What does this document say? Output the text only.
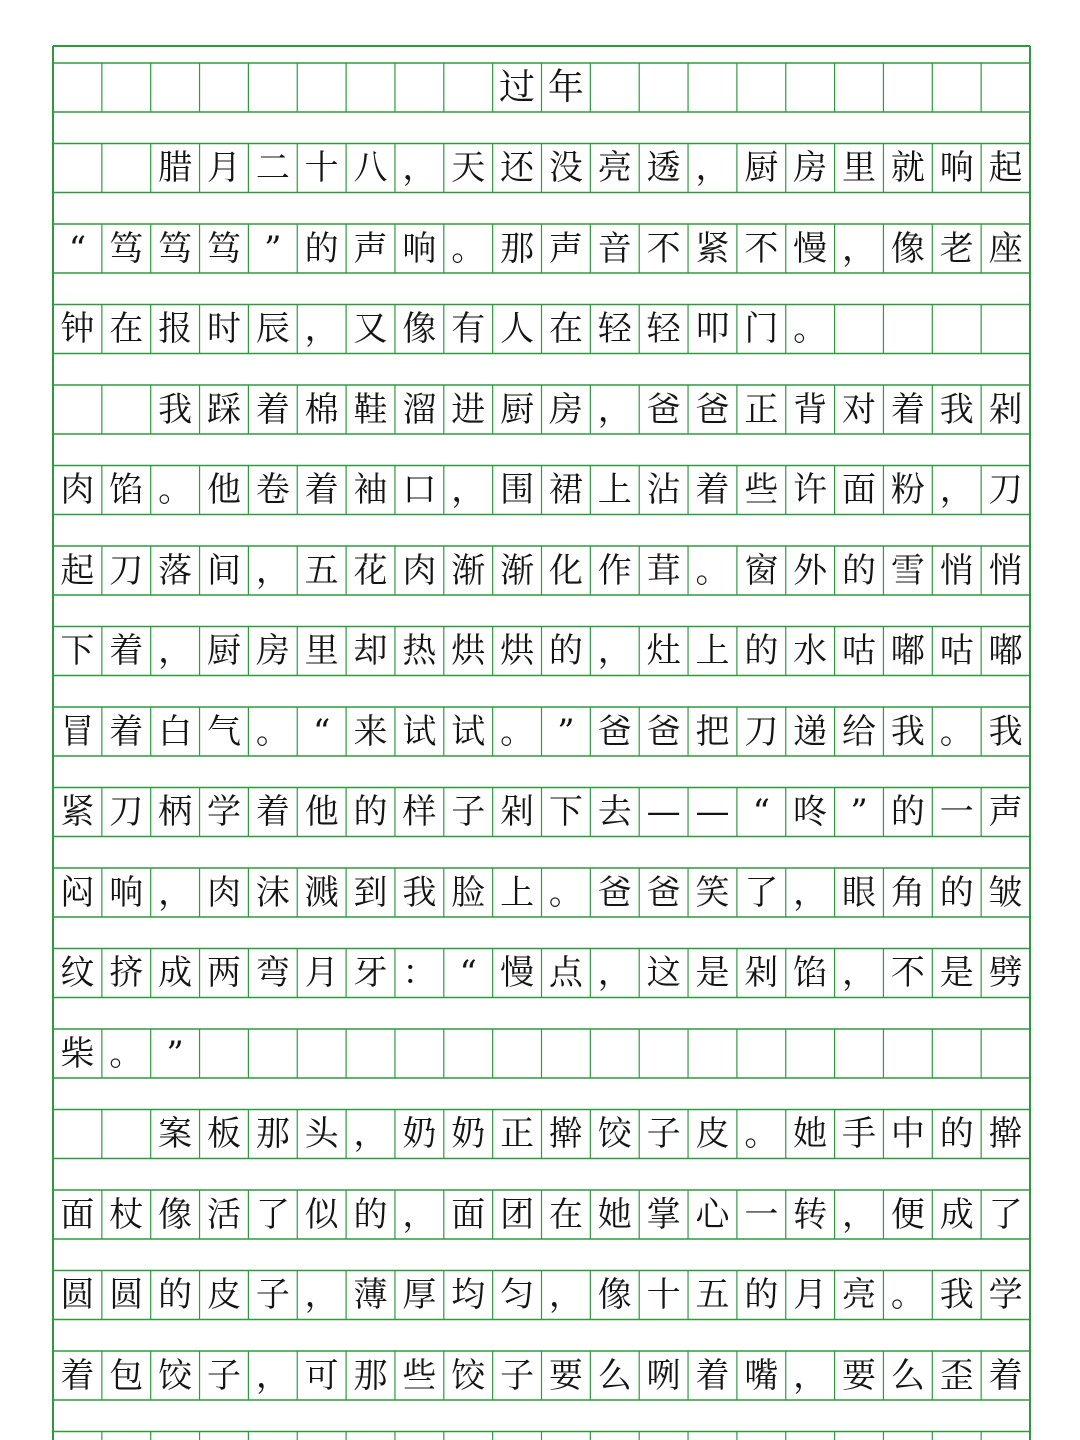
过 年
腊 月 二 十 八 ， 天 还 没 亮 透 ， 厨 房 里 就 响 起
“ 笃 笃 笃 ” 的 声 响 。 那 声 音 不 紧 不 慢 ， 像 老 座
钟 在 报 时 辰 ， 又 像 有 人 在 轻 轻 叩 门 。
我 踩 着 棉 鞋 溜 进 厨 房 ， 爸 爸 正 背 对 着 我 剁
肉 馅 。 他 卷 着 袖 口 ， 围 裙 上 沾 着 些 许 面 粉 ， 刀
起 刀 落 间 ， 五 花 肉 渐 渐 化 作 茸 。 窗 外 的 雪 悄 悄
下 着 ， 厨 房 里 却 热 烘 烘 的 ， 灶 上 的 水 咕 嘟 咕 嘟
冒 着 白 气 。 “ 来 试 试 。 ” 爸 爸 把 刀 递 给 我 。 我
紧 刀 柄 学 着 他 的 样 子 剁 下 去 — — “ 咚 ” 的 一 声
闷 响 ， 肉 沫 溅 到 我 脸 上 。 爸 爸 笑 了 ， 眼 角 的 皱
纹 挤 成 两 弯 月 牙 ： “ 慢 点 ， 这 是 剁 馅 ， 不 是 劈
柴 。 ”
案 板 那 头 ， 奶 奶 正 擀 饺 子 皮 。 她 手 中 的 擀
面 杖 像 活 了 似 的 ， 面 团 在 她 掌 心 一 转 ， 便 成 了
圆 圆 的 皮 子 ， 薄 厚 均 匀 ， 像 十 五 的 月 亮 。 我 学
着 包 饺 子 ， 可 那 些 饺 子 要 么 咧 着 嘴 ， 要 么 歪 着
